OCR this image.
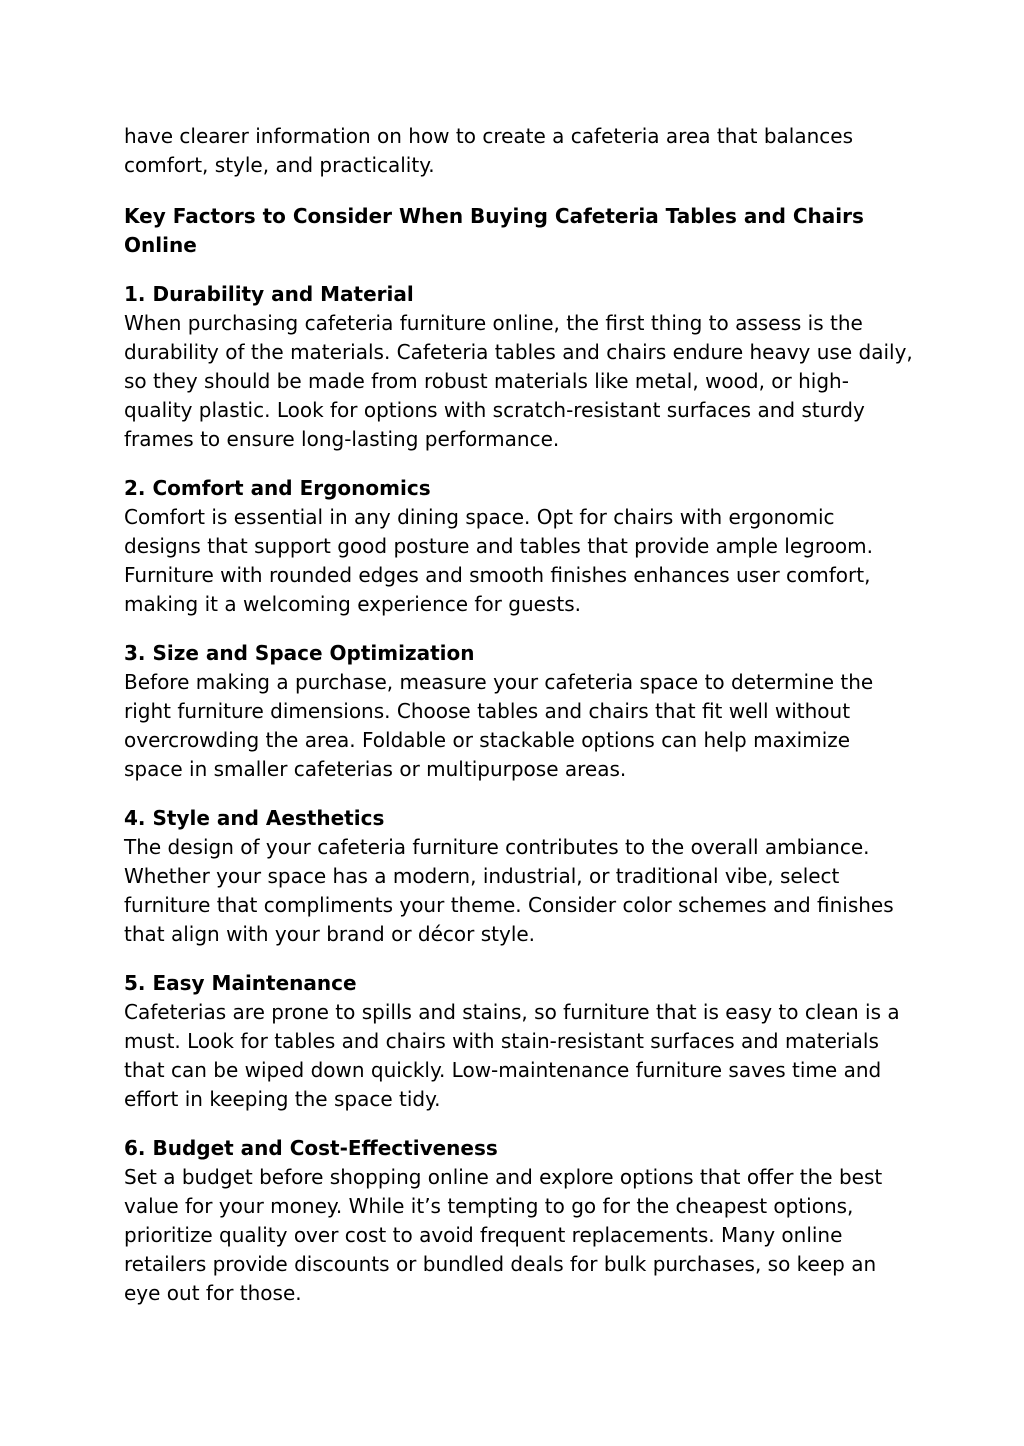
have clearer information on how to create a cafeteria area that balances comfort, style, and practicality.

Key Factors to Consider When Buying Cafeteria Tables and Chairs Online
1. Durability and Material

When purchasing cafeteria furniture online, the first thing to assess is the durability of the materials. Cafeteria tables and chairs endure heavy use daily, so they should be made from robust materials like metal, wood, or high-quality plastic. Look for options with scratch-resistant surfaces and sturdy frames to ensure long-lasting performance.

2. Comfort and Ergonomics

Comfort is essential in any dining space. Opt for chairs with ergonomic designs that support good posture and tables that provide ample legroom. Furniture with rounded edges and smooth finishes enhances user comfort, making it a welcoming experience for guests.

3. Size and Space Optimization

Before making a purchase, measure your cafeteria space to determine the right furniture dimensions. Choose tables and chairs that fit well without overcrowding the area. Foldable or stackable options can help maximize space in smaller cafeterias or multipurpose areas.

4. Style and Aesthetics

The design of your cafeteria furniture contributes to the overall ambiance. Whether your space has a modern, industrial, or traditional vibe, select furniture that compliments your theme. Consider color schemes and finishes that align with your brand or décor style.

5. Easy Maintenance

Cafeterias are prone to spills and stains, so furniture that is easy to clean is a must. Look for tables and chairs with stain-resistant surfaces and materials that can be wiped down quickly. Low-maintenance furniture saves time and effort in keeping the space tidy.

6. Budget and Cost-Effectiveness

Set a budget before shopping online and explore options that offer the best value for your money. While it’s tempting to go for the cheapest options, prioritize quality over cost to avoid frequent replacements. Many online retailers provide discounts or bundled deals for bulk purchases, so keep an eye out for those.
